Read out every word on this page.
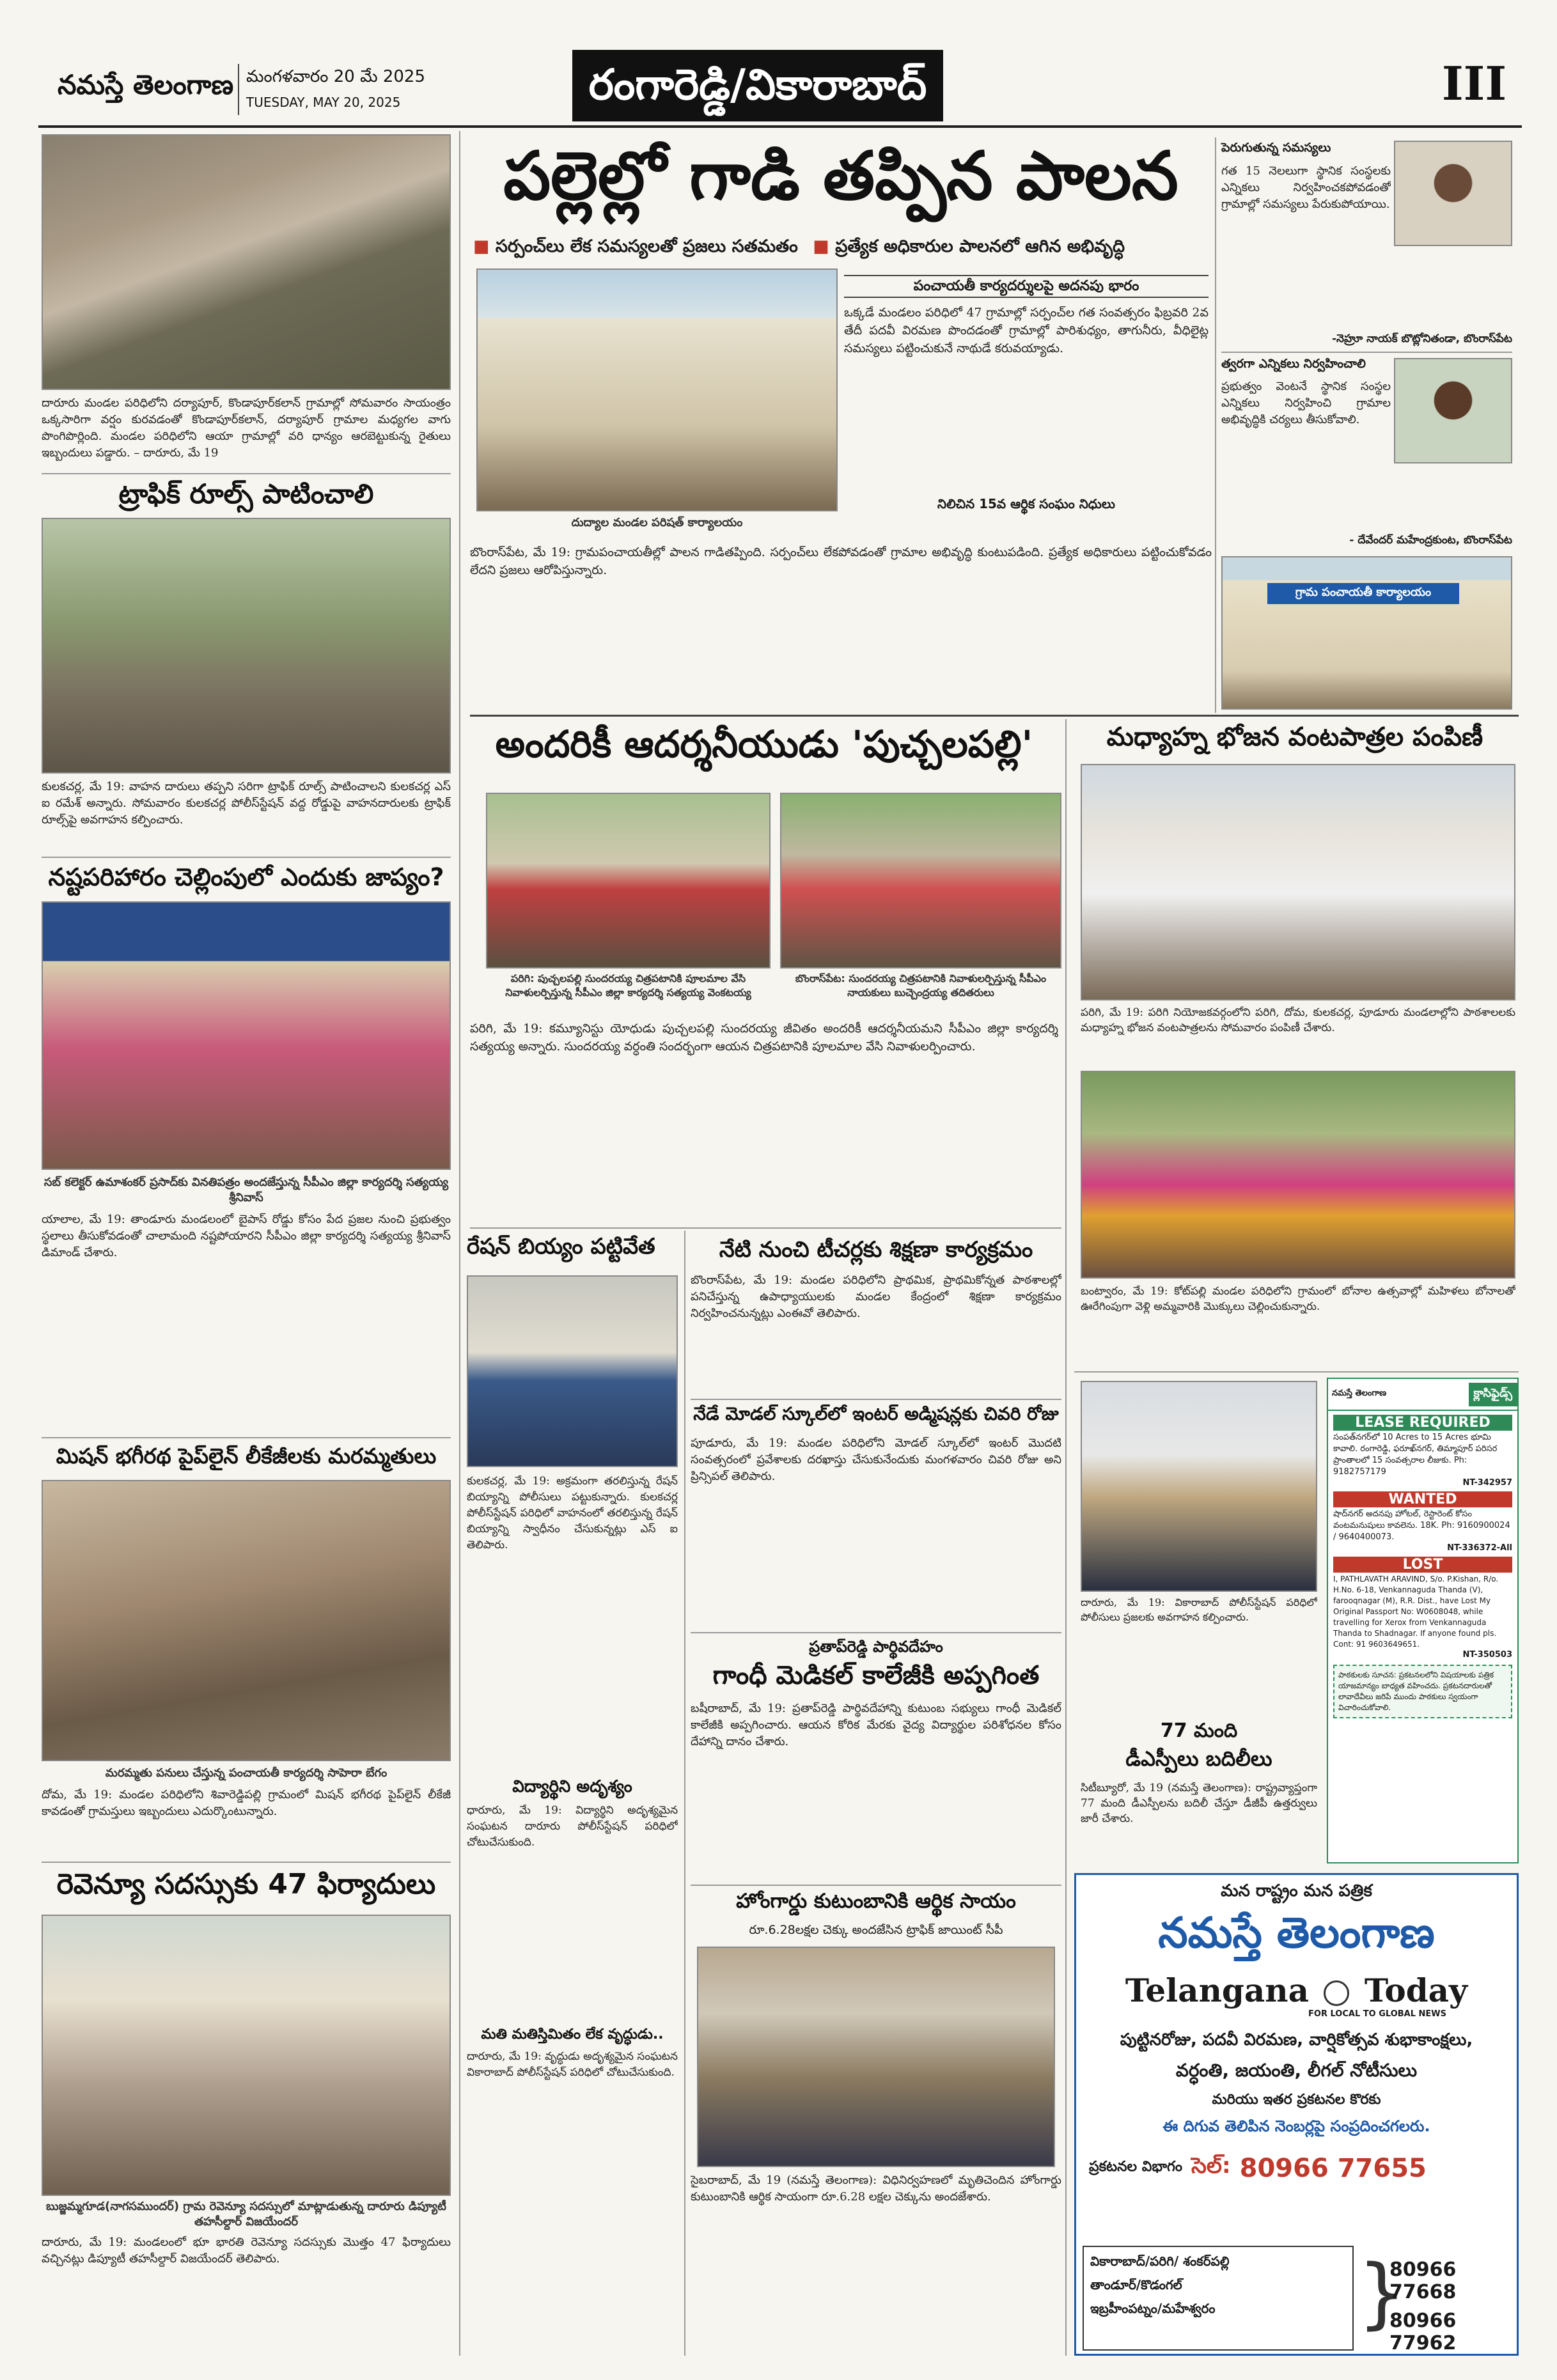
నమస్తే తెలంగాణ మంగళవారం 20 మే 2025
TUESDAY, MAY 20, 2025	రంగారెడ్డి/వికారాబాద్	III
దారూరు మండల పరిధిలోని దర్యాపూర్, కొండాపూర్‌కలాన్ గ్రామాల్లో సోమవారం సాయంత్రం ఒక్కసారిగా వర్షం కురవడంతో కొండాపూర్‌కలాన్, దర్యాపూర్ గ్రామాల మధ్యగల వాగు పొంగిపొర్లింది. మండల పరిధిలోని ఆయా గ్రామాల్లో వరి ధాన్యం ఆరబెట్టుకున్న రైతులు ఇబ్బందులు పడ్డారు. – దారూరు, మే 19
ట్రాఫిక్ రూల్స్ పాటించాలి
కులకచర్ల, మే 19: వాహన దారులు తప్పని సరిగా ట్రాఫిక్ రూల్స్ పాటించాలని కులకచర్ల ఎస్ ఐ రమేశ్ అన్నారు. సోమవారం కులకచర్ల పోలీస్‌స్టేషన్ వద్ద రోడ్డుపై వాహనదారులకు ట్రాఫిక్ రూల్స్‌పై అవగాహన కల్పించారు.
నష్టపరిహారం చెల్లింపులో ఎందుకు జాప్యం?
సబ్ కలెక్టర్ ఉమాశంకర్ ప్రసాద్‌కు వినతిపత్రం అందజేస్తున్న సీపీఎం జిల్లా కార్యదర్శి సత్యయ్య శ్రీనివాస్
యాలాల, మే 19: తాండూరు మండలంలో బైపాస్ రోడ్డు కోసం పేద ప్రజల నుంచి ప్రభుత్వం స్థలాలు తీసుకోవడంతో చాలామంది నష్టపోయారని సీపీఎం జిల్లా కార్యదర్శి సత్యయ్య శ్రీనివాస్ డిమాండ్ చేశారు.
మిషన్ భగీరథ పైప్‌లైన్ లీకేజీలకు మరమ్మతులు
మరమ్మతు పనులు చేస్తున్న పంచాయతీ కార్యదర్శి సాహెరా బేగం
దోమ, మే 19: మండల పరిధిలోని శివారెడ్డిపల్లి గ్రామంలో మిషన్ భగీరథ పైప్‌లైన్ లీకేజీ కావడంతో గ్రామస్తులు ఇబ్బందులు ఎదుర్కొంటున్నారు.
రెవెన్యూ సదస్సుకు 47 ఫిర్యాదులు
బుజ్జమ్మగూడ(నాగసముందర్) గ్రామ రెవెన్యూ సదస్సులో మాట్లాడుతున్న దారూరు డిప్యూటీ తహసీల్దార్ విజయేందర్
దారూరు, మే 19: మండలంలో భూ భారతి రెవెన్యూ సదస్సుకు మొత్తం 47 ఫిర్యాదులు వచ్చినట్లు డిప్యూటీ తహసీల్దార్ విజయేందర్ తెలిపారు.
పల్లెల్లో గాడి తప్పిన పాలన
■ సర్పంచ్‌లు లేక సమస్యలతో ప్రజలు సతమతం ■ ప్రత్యేక అధికారుల పాలనలో ఆగిన అభివృద్ధి
దుద్యాల మండల పరిషత్ కార్యాలయం
పంచాయతీ కార్యదర్శులపై అదనపు భారం
ఒక్కడే మండలం పరిధిలో 47 గ్రామాల్లో సర్పంచ్‌ల గత సంవత్సరం ఫిబ్రవరి 2వ తేదీ పదవీ విరమణ పొందడంతో గ్రామాల్లో పారిశుధ్యం, తాగునీరు, వీధిలైట్ల సమస్యలు పట్టించుకునే నాథుడే కరువయ్యాడు.
నిలిచిన 15వ ఆర్థిక సంఘం నిధులు
బొంరాస్‌పేట, మే 19: గ్రామపంచాయతీల్లో పాలన గాడితప్పింది. సర్పంచ్‌లు లేకపోవడంతో గ్రామాల అభివృద్ధి కుంటుపడింది. ప్రత్యేక అధికారులు పట్టించుకోవడం లేదని ప్రజలు ఆరోపిస్తున్నారు.
పెరుగుతున్న సమస్యలు
గత 15 నెలలుగా స్థానిక సంస్థలకు ఎన్నికలు నిర్వహించకపోవడంతో గ్రామాల్లో సమస్యలు పేరుకుపోయాయి.
-నెహ్రూ నాయక్ బొట్లోనితండా, బొంరాస్‌పేట
త్వరగా ఎన్నికలు నిర్వహించాలి
ప్రభుత్వం వెంటనే స్థానిక సంస్థల ఎన్నికలు నిర్వహించి గ్రామాల అభివృద్ధికి చర్యలు తీసుకోవాలి.
- దేవేందర్ మహేంద్రకుంట, బొంరాస్‌పేట
గ్రామ పంచాయతీ కార్యాలయం
అందరికీ ఆదర్శనీయుడు 'పుచ్చలపల్లి'
పరిగి: పుచ్చలపల్లి సుందరయ్య చిత్రపటానికి పూలమాల వేసి నివాళులర్పిస్తున్న సీపీఎం జిల్లా కార్యదర్శి సత్యయ్య వెంకటయ్య
బొంరాస్‌పేట: సుందరయ్య చిత్రపటానికి నివాళులర్పిస్తున్న సీపీఎం నాయకులు బుచ్చెంద్రయ్య తదితరులు
పరిగి, మే 19: కమ్యూనిస్టు యోధుడు పుచ్చలపల్లి సుందరయ్య జీవితం అందరికీ ఆదర్శనీయమని సీపీఎం జిల్లా కార్యదర్శి సత్యయ్య అన్నారు. సుందరయ్య వర్ధంతి సందర్భంగా ఆయన చిత్రపటానికి పూలమాల వేసి నివాళులర్పించారు.
రేషన్ బియ్యం పట్టివేత
కులకచర్ల, మే 19: అక్రమంగా తరలిస్తున్న రేషన్ బియ్యాన్ని పోలీసులు పట్టుకున్నారు. కులకచర్ల పోలీస్‌స్టేషన్ పరిధిలో వాహనంలో తరలిస్తున్న రేషన్ బియ్యాన్ని స్వాధీనం చేసుకున్నట్లు ఎస్ ఐ తెలిపారు.
విద్యార్థిని అదృశ్యం
ధారూరు, మే 19: విద్యార్థిని అదృశ్యమైన సంఘటన దారూరు పోలీస్‌స్టేషన్ పరిధిలో చోటుచేసుకుంది.
మతి మతిస్తిమితం లేక వృద్ధుడు..
దారూరు, మే 19: వృద్ధుడు అదృశ్యమైన సంఘటన వికారాబాద్ పోలీస్‌స్టేషన్ పరిధిలో చోటుచేసుకుంది.
నేటి నుంచి టీచర్లకు శిక్షణా కార్యక్రమం
బొంరాస్‌పేట, మే 19: మండల పరిధిలోని ప్రాథమిక, ప్రాథమికోన్నత పాఠశాలల్లో పనిచేస్తున్న ఉపాధ్యాయులకు మండల కేంద్రంలో శిక్షణా కార్యక్రమం నిర్వహించనున్నట్లు ఎంఈవో తెలిపారు.
నేడే మోడల్ స్కూల్‌లో ఇంటర్ అడ్మిషన్లకు చివరి రోజు
పూడూరు, మే 19: మండల పరిధిలోని మోడల్ స్కూల్‌లో ఇంటర్ మొదటి సంవత్సరంలో ప్రవేశాలకు దరఖాస్తు చేసుకునేందుకు మంగళవారం చివరి రోజు అని ప్రిన్సిపల్ తెలిపారు.
ప్రతాప్‌రెడ్డి పార్థివదేహం
గాంధీ మెడికల్ కాలేజీకి అప్పగింత
బషీరాబాద్, మే 19: ప్రతాప్‌రెడ్డి పార్థివదేహాన్ని కుటుంబ సభ్యులు గాంధీ మెడికల్ కాలేజీకి అప్పగించారు. ఆయన కోరిక మేరకు వైద్య విద్యార్థుల పరిశోధనల కోసం దేహాన్ని దానం చేశారు.
హోంగార్డు కుటుంబానికి ఆర్థిక సాయం
రూ.6.28లక్షల చెక్కు అందజేసిన ట్రాఫిక్ జాయింట్ సీపీ
సైబరాబాద్, మే 19 (నమస్తే తెలంగాణ): విధినిర్వహణలో మృతిచెందిన హోంగార్డు కుటుంబానికి ఆర్థిక సాయంగా రూ.6.28 లక్షల చెక్కును అందజేశారు.
మధ్యాహ్న భోజన వంటపాత్రల పంపిణీ
పరిగి, మే 19: పరిగి నియోజకవర్గంలోని పరిగి, దోమ, కులకచర్ల, పూడూరు మండలాల్లోని పాఠశాలలకు మధ్యాహ్న భోజన వంటపాత్రలను సోమవారం పంపిణీ చేశారు.
బంట్వారం, మే 19: కోట్‌పల్లి మండల పరిధిలోని గ్రామంలో బోనాల ఉత్సవాల్లో మహిళలు బోనాలతో ఊరేగింపుగా వెళ్లి అమ్మవారికి మొక్కులు చెల్లించుకున్నారు.
దారూరు, మే 19: వికారాబాద్ పోలీస్‌స్టేషన్ పరిధిలో పోలీసులు ప్రజలకు అవగాహన కల్పించారు.
77 మంది
డీఎస్పీలు బదిలీలు
సిటీబ్యూరో, మే 19 (నమస్తే తెలంగాణ): రాష్ట్రవ్యాప్తంగా 77 మంది డీఎస్పీలను బదిలీ చేస్తూ డీజీపీ ఉత్తర్వులు జారీ చేశారు.
నమస్తే తెలంగాణ	క్లాసిఫైడ్స్
LEASE REQUIRED
సంపత్‌నగర్‌లో 10 Acres to 15 Acres భూమి కావాలి. రంగారెడ్డి, ఫరూఖ్‌నగర్, తిమ్మాపూర్ పరిసర ప్రాంతాలలో 15 సంవత్సరాల లీజుకు. Ph: 9182757179
NT-342957
WANTED
షాద్‌నగర్ అదనపు హోటల్, రెస్టారెంట్ కోసం వంటమనుషులు కావలెను. 18K. Ph: 9160900024 / 9640400073.
NT-336372-All
LOST
I, PATHLAVATH ARAVIND, S/o. P.Kishan, R/o. H.No. 6-18, Venkannaguda Thanda (V), farooqnagar (M), R.R. Dist., have Lost My Original Passport No: W0608048, while travelling for Xerox from Venkannaguda Thanda to Shadnagar. If anyone found pls. Cont: 91 9603649651.
NT-350503
పాఠకులకు సూచన: ప్రకటనలలోని విషయాలకు పత్రిక యాజమాన్యం బాధ్యత వహించదు. ప్రకటనదారులతో లావాదేవీలు జరిపే ముందు పాఠకులు స్వయంగా విచారించుకోవాలి.
మన రాష్ట్రం మన పత్రిక
నమస్తే తెలంగాణ
Telangana Today
FOR LOCAL TO GLOBAL NEWS
పుట్టినరోజు, పదవీ విరమణ, వార్షికోత్సవ శుభాకాంక్షలు,
వర్ధంతి, జయంతి, లీగల్ నోటీసులు
మరియు ఇతర ప్రకటనల కొరకు
ఈ దిగువ తెలిపిన నెంబర్లపై సంప్రదించగలరు.
ప్రకటనల విభాగం సెల్: 80966 77655
వికారాబాద్/పరిగి/ శంకర్‌పల్లి
తాండూర్/కొడంగల్
ఇబ్రహీంపట్నం/మహేశ్వరం	}
80966 77668
80966 77962
